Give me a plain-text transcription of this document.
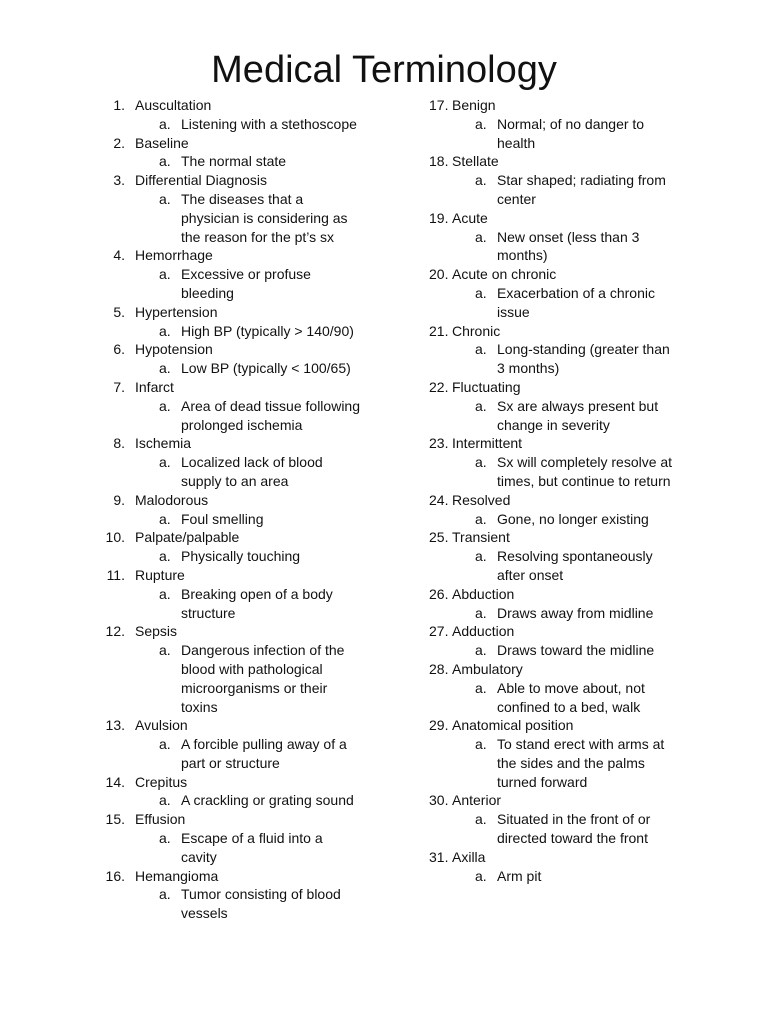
Medical Terminology
1. Auscultation
a. Listening with a stethoscope
2. Baseline
a. The normal state
3. Differential Diagnosis
a. The diseases that a physician is considering as the reason for the pt’s sx
4. Hemorrhage
a. Excessive or profuse bleeding
5. Hypertension
a. High BP (typically > 140/90)
6. Hypotension
a. Low BP (typically < 100/65)
7. Infarct
a. Area of dead tissue following prolonged ischemia
8. Ischemia
a. Localized lack of blood supply to an area
9. Malodorous
a. Foul smelling
10. Palpate/palpable
a. Physically touching
11. Rupture
a. Breaking open of a body structure
12. Sepsis
a. Dangerous infection of the blood with pathological microorganisms or their toxins
13. Avulsion
a. A forcible pulling away of a part or structure
14. Crepitus
a. A crackling or grating sound
15. Effusion
a. Escape of a fluid into a cavity
16. Hemangioma
a. Tumor consisting of blood vessels
17. Benign
a. Normal; of no danger to health
18. Stellate
a. Star shaped; radiating from center
19. Acute
a. New onset (less than 3 months)
20. Acute on chronic
a. Exacerbation of a chronic issue
21. Chronic
a. Long-standing (greater than 3 months)
22. Fluctuating
a. Sx are always present but change in severity
23. Intermittent
a. Sx will completely resolve at times, but continue to return
24. Resolved
a. Gone, no longer existing
25. Transient
a. Resolving spontaneously after onset
26. Abduction
a. Draws away from midline
27. Adduction
a. Draws toward the midline
28. Ambulatory
a. Able to move about, not confined to a bed, walk
29. Anatomical position
a. To stand erect with arms at the sides and the palms turned forward
30. Anterior
a. Situated in the front of or directed toward the front
31. Axilla
a. Arm pit
